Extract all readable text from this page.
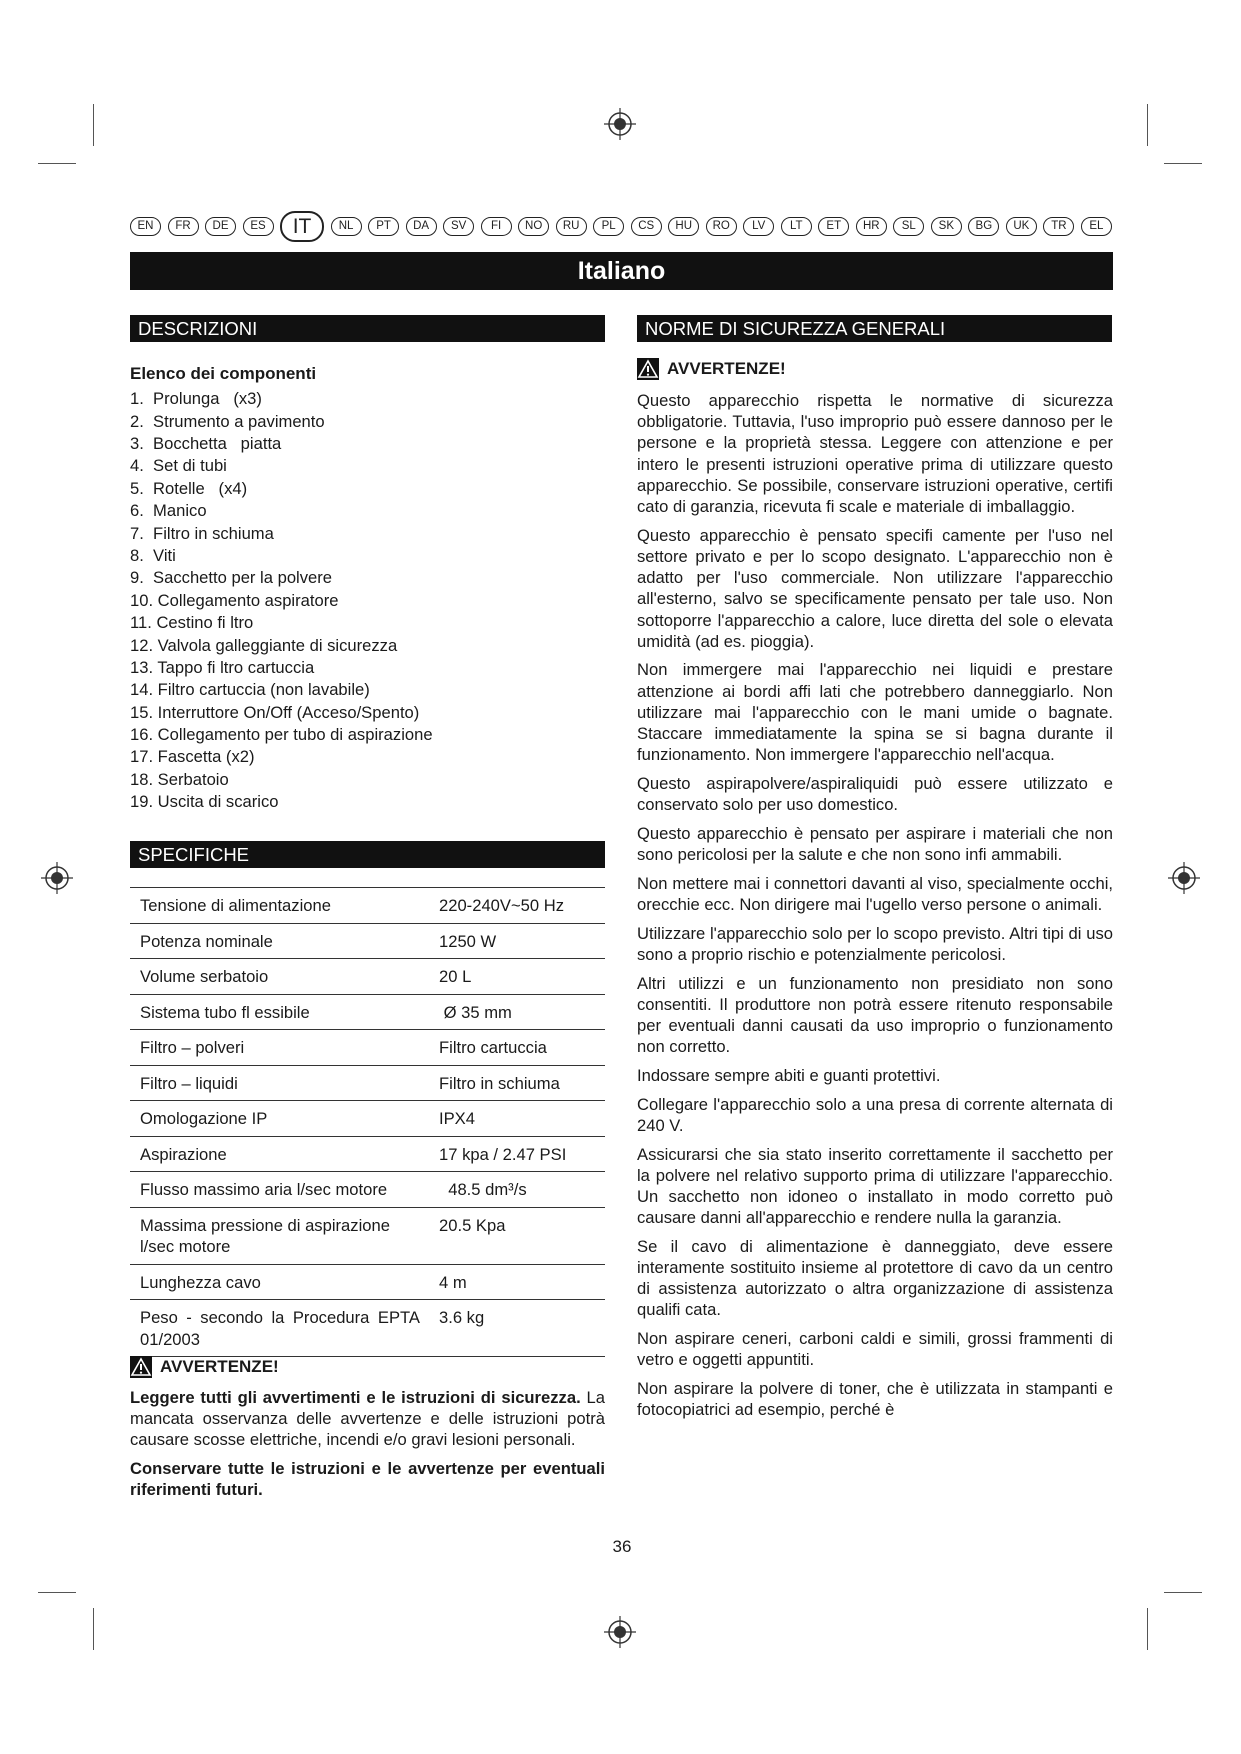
EN	FR	DE	ES	IT	NL	PT	DA	SV	FI	NO	RU	PL	CS	HU	RO	LV	LT	ET	HR	SL	SK	BG	UK	TR	EL
Italiano
DESCRIZIONI
Elenco dei componenti
1.  Prolunga   (x3)
2.  Strumento a pavimento
3.  Bocchetta   piatta
4.  Set di tubi
5.  Rotelle   (x4)
6.  Manico
7.  Filtro in schiuma
8.  Viti
9.  Sacchetto per la polvere
10. Collegamento aspiratore
11. Cestino fi ltro
12. Valvola galleggiante di sicurezza
13. Tappo fi ltro cartuccia
14. Filtro cartuccia (non lavabile)
15. Interruttore On/Off (Acceso/Spento)
16. Collegamento per tubo di aspirazione
17. Fascetta (x2)
18. Serbatoio
19. Uscita di scarico
SPECIFICHE
Tensione di alimentazione	220-240V~50 Hz
Potenza nominale	1250 W
Volume serbatoio	20 L
Sistema tubo fl essibile	Ø 35 mm
Filtro – polveri	Filtro cartuccia
Filtro – liquidi	Filtro in schiuma
Omologazione IP	IPX4
Aspirazione	17 kpa / 2.47 PSI
Flusso massimo aria l/sec motore	48.5 dm³/s
Massima pressione di aspirazione l/sec motore	20.5 Kpa
Lunghezza cavo	4 m
Peso - secondo la Procedura EPTA 01/2003	3.6 kg
AVVERTENZE!

Leggere tutti gli avvertimenti e le istruzioni di sicurezza. La mancata osservanza delle avvertenze e delle istruzioni potrà causare scosse elettriche, incendi e/o gravi lesioni personali.

Conservare tutte le istruzioni e le avvertenze per eventuali riferimenti futuri.

NORME DI SICUREZZA GENERALI
AVVERTENZE!

Questo apparecchio rispetta le normative di sicurezza obbligatorie. Tuttavia, l'uso improprio può essere dannoso per le persone e la proprietà stessa. Leggere con attenzione e per intero le presenti istruzioni operative prima di utilizzare questo apparecchio. Se possibile, conservare istruzioni operative, certifi cato di garanzia, ricevuta fi scale e materiale di imballaggio.

Questo apparecchio è pensato specifi camente per l'uso nel settore privato e per lo scopo designato. L'apparecchio non è adatto per l'uso commerciale. Non utilizzare l'apparecchio all'esterno, salvo se specificamente pensato per tale uso. Non sottoporre l'apparecchio a calore, luce diretta del sole o elevata umidità (ad es. pioggia).

Non immergere mai l'apparecchio nei liquidi e prestare attenzione ai bordi affi lati che potrebbero danneggiarlo. Non utilizzare mai l'apparecchio con le mani umide o bagnate. Staccare immediatamente la spina se si bagna durante il funzionamento. Non immergere l'apparecchio nell'acqua.

Questo aspirapolvere/aspiraliquidi può essere utilizzato e conservato solo per uso domestico.

Questo apparecchio è pensato per aspirare i materiali che non sono pericolosi per la salute e che non sono infi ammabili.

Non mettere mai i connettori davanti al viso, specialmente occhi, orecchie ecc. Non dirigere mai l'ugello verso persone o animali.

Utilizzare l'apparecchio solo per lo scopo previsto. Altri tipi di uso sono a proprio rischio e potenzialmente pericolosi.

Altri utilizzi e un funzionamento non presidiato non sono consentiti. Il produttore non potrà essere ritenuto responsabile per eventuali danni causati da uso improprio o funzionamento non corretto.

Indossare sempre abiti e guanti protettivi.

Collegare l'apparecchio solo a una presa di corrente alternata di 240 V.

Assicurarsi che sia stato inserito correttamente il sacchetto per la polvere nel relativo supporto prima di utilizzare l'apparecchio. Un sacchetto non idoneo o installato in modo corretto può causare danni all'apparecchio e rendere nulla la garanzia.

Se il cavo di alimentazione è danneggiato, deve essere interamente sostituito insieme al protettore di cavo da un centro di assistenza autorizzato o altra organizzazione di assistenza qualifi cata.

Non aspirare ceneri, carboni caldi e simili, grossi frammenti di vetro e oggetti appuntiti.

Non aspirare la polvere di toner, che è utilizzata in stampanti e fotocopiatrici ad esempio, perché è

36
